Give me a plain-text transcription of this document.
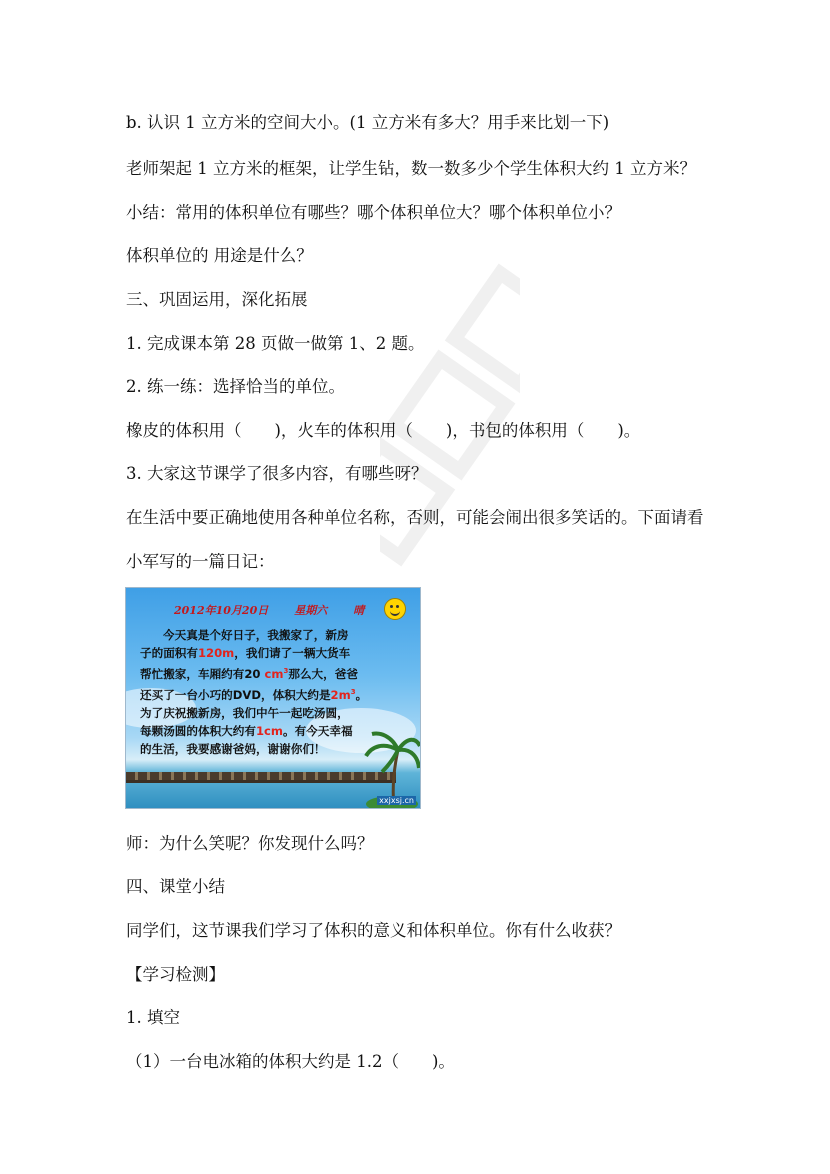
b. 认识 1 立方米的空间大小。(1 立方米有多大？用手来比划一下)
老师架起 1 立方米的框架，让学生钻，数一数多少个学生体积大约 1 立方米？
小结：常用的体积单位有哪些？哪个体积单位大？哪个体积单位小？
体积单位的 用途是什么？
三、巩固运用，深化拓展
1. 完成课本第 28 页做一做第 1、2 题。
2. 练一练：选择恰当的单位。
橡皮的体积用（　　)，火车的体积用（　　)，书包的体积用（　　)。
3. 大家这节课学了很多内容，有哪些呀？
在生活中要正确地使用各种单位名称，否则，可能会闹出很多笑话的。下面请看
小军写的一篇日记：
2012年10月20日 星期六 晴

今天真是个好日子，我搬家了，新房

子的面积有120m，我们请了一辆大货车

帮忙搬家，车厢约有20 $cm^3$那么大，爸爸

还买了一台小巧的DVD，体积大约是$2m^3$。

为了庆祝搬新房，我们中午一起吃汤圆，

每颗汤圆的体积大约有1cm。有今天幸福

的生活，我要感谢爸妈，谢谢你们！

xxjxsj.cn
师：为什么笑呢？你发现什么吗？
四、课堂小结
同学们，这节课我们学习了体积的意义和体积单位。你有什么收获？
【学习检测】
1. 填空
（1）一台电冰箱的体积大约是 1.2（　　)。
